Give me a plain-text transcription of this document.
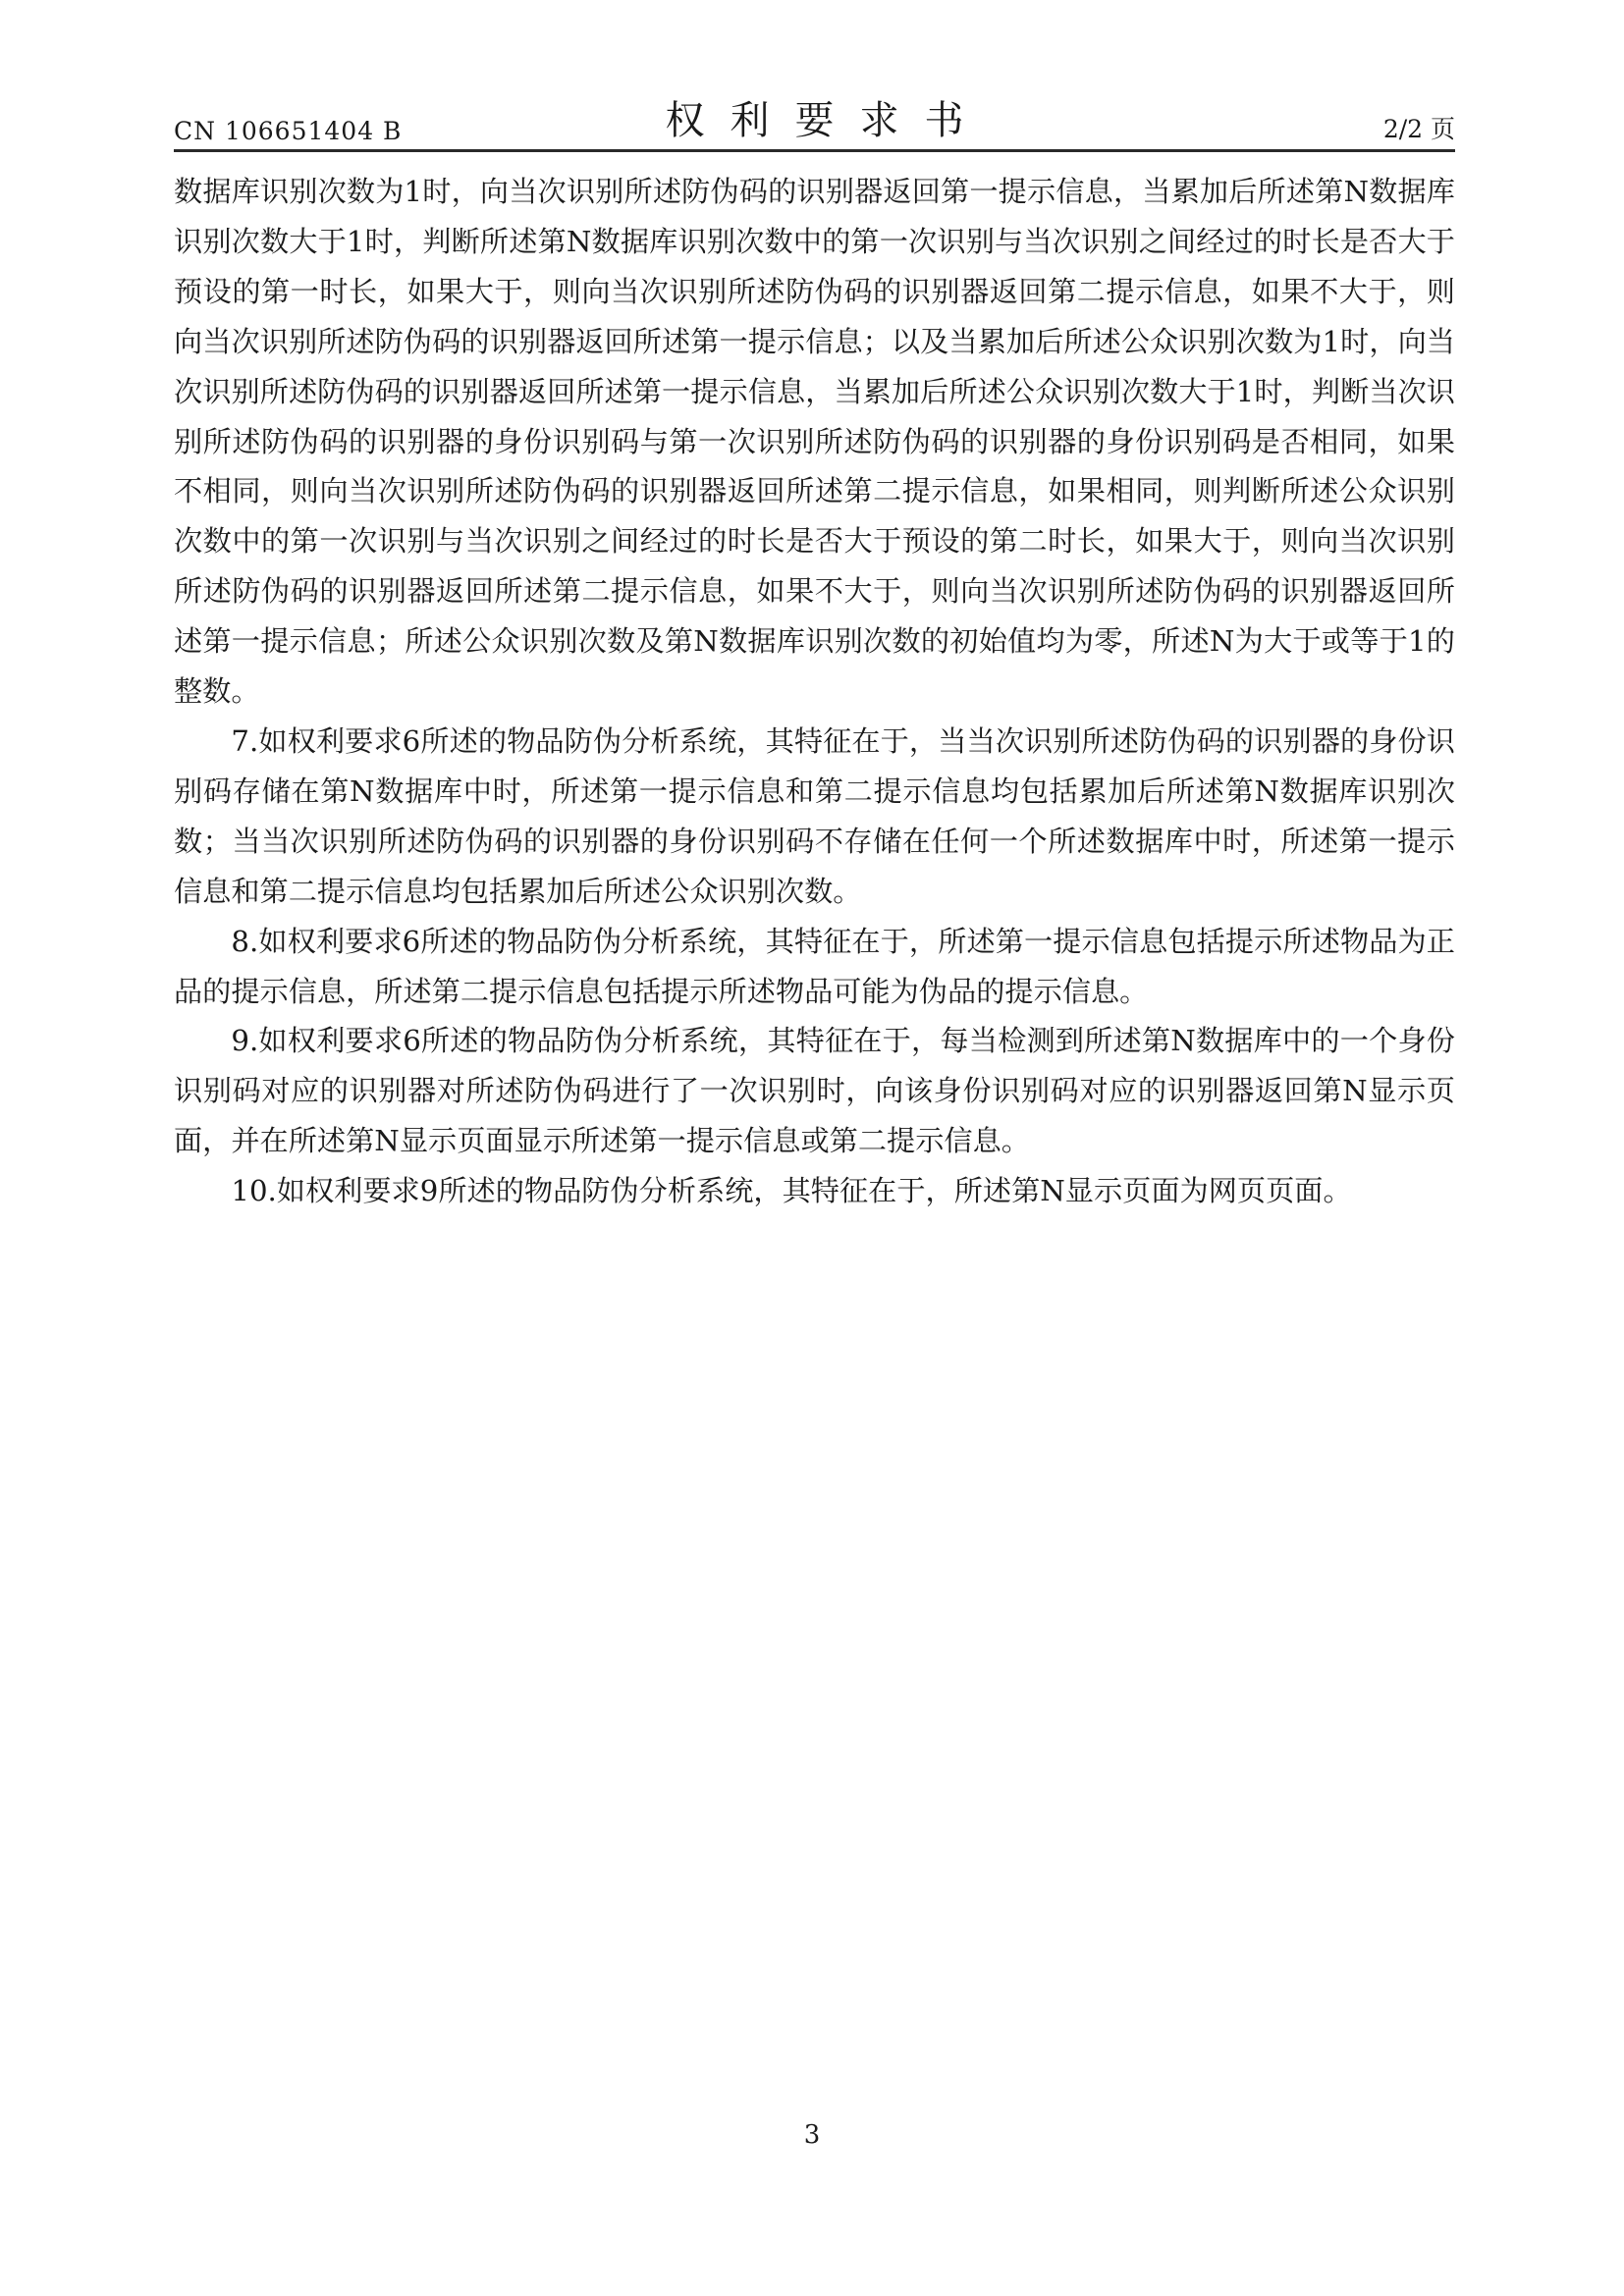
CN 106651404 B	权利要求书	2/2 页

数据库识别次数为1时，向当次识别所述防伪码的识别器返回第一提示信息，当累加后所述第N数据库识别次数大于1时，判断所述第N数据库识别次数中的第一次识别与当次识别之间经过的时长是否大于预设的第一时长，如果大于，则向当次识别所述防伪码的识别器返回第二提示信息，如果不大于，则向当次识别所述防伪码的识别器返回所述第一提示信息；以及当累加后所述公众识别次数为1时，向当次识别所述防伪码的识别器返回所述第一提示信息，当累加后所述公众识别次数大于1时，判断当次识别所述防伪码的识别器的身份识别码与第一次识别所述防伪码的识别器的身份识别码是否相同，如果不相同，则向当次识别所述防伪码的识别器返回所述第二提示信息，如果相同，则判断所述公众识别次数中的第一次识别与当次识别之间经过的时长是否大于预设的第二时长，如果大于，则向当次识别所述防伪码的识别器返回所述第二提示信息，如果不大于，则向当次识别所述防伪码的识别器返回所述第一提示信息；所述公众识别次数及第N数据库识别次数的初始值均为零，所述N为大于或等于1的整数。

7.如权利要求6所述的物品防伪分析系统，其特征在于，当当次识别所述防伪码的识别器的身份识别码存储在第N数据库中时，所述第一提示信息和第二提示信息均包括累加后所述第N数据库识别次数；当当次识别所述防伪码的识别器的身份识别码不存储在任何一个所述数据库中时，所述第一提示信息和第二提示信息均包括累加后所述公众识别次数。

8.如权利要求6所述的物品防伪分析系统，其特征在于，所述第一提示信息包括提示所述物品为正品的提示信息，所述第二提示信息包括提示所述物品可能为伪品的提示信息。

9.如权利要求6所述的物品防伪分析系统，其特征在于，每当检测到所述第N数据库中的一个身份识别码对应的识别器对所述防伪码进行了一次识别时，向该身份识别码对应的识别器返回第N显示页面，并在所述第N显示页面显示所述第一提示信息或第二提示信息。

10.如权利要求9所述的物品防伪分析系统，其特征在于，所述第N显示页面为网页页面。

3
